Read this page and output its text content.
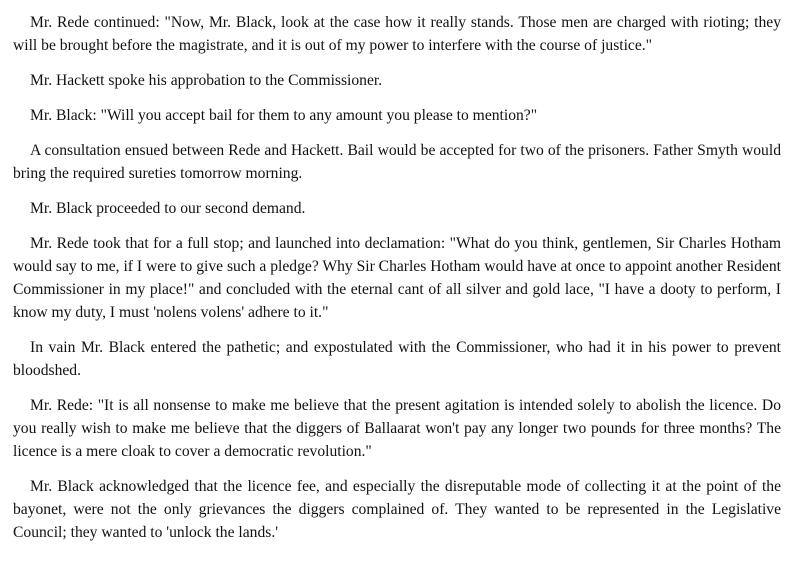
Mr. Rede continued: "Now, Mr. Black, look at the case how it really stands. Those men are charged with rioting; they will be brought before the magistrate, and it is out of my power to interfere with the course of justice."

Mr. Hackett spoke his approbation to the Commissioner.

Mr. Black: "Will you accept bail for them to any amount you please to mention?"

A consultation ensued between Rede and Hackett. Bail would be accepted for two of the prisoners. Father Smyth would bring the required sureties tomorrow morning.

Mr. Black proceeded to our second demand.

Mr. Rede took that for a full stop; and launched into declamation: "What do you think, gentlemen, Sir Charles Hotham would say to me, if I were to give such a pledge? Why Sir Charles Hotham would have at once to appoint another Resident Commissioner in my place!" and concluded with the eternal cant of all silver and gold lace, "I have a dooty to perform, I know my duty, I must 'nolens volens' adhere to it."

In vain Mr. Black entered the pathetic; and expostulated with the Commissioner, who had it in his power to prevent bloodshed.

Mr. Rede: "It is all nonsense to make me believe that the present agitation is intended solely to abolish the licence. Do you really wish to make me believe that the diggers of Ballaarat won't pay any longer two pounds for three months? The licence is a mere cloak to cover a democratic revolution."

Mr. Black acknowledged that the licence fee, and especially the disreputable mode of collecting it at the point of the bayonet, were not the only grievances the diggers complained of. They wanted to be represented in the Legislative Council; they wanted to 'unlock the lands.'
